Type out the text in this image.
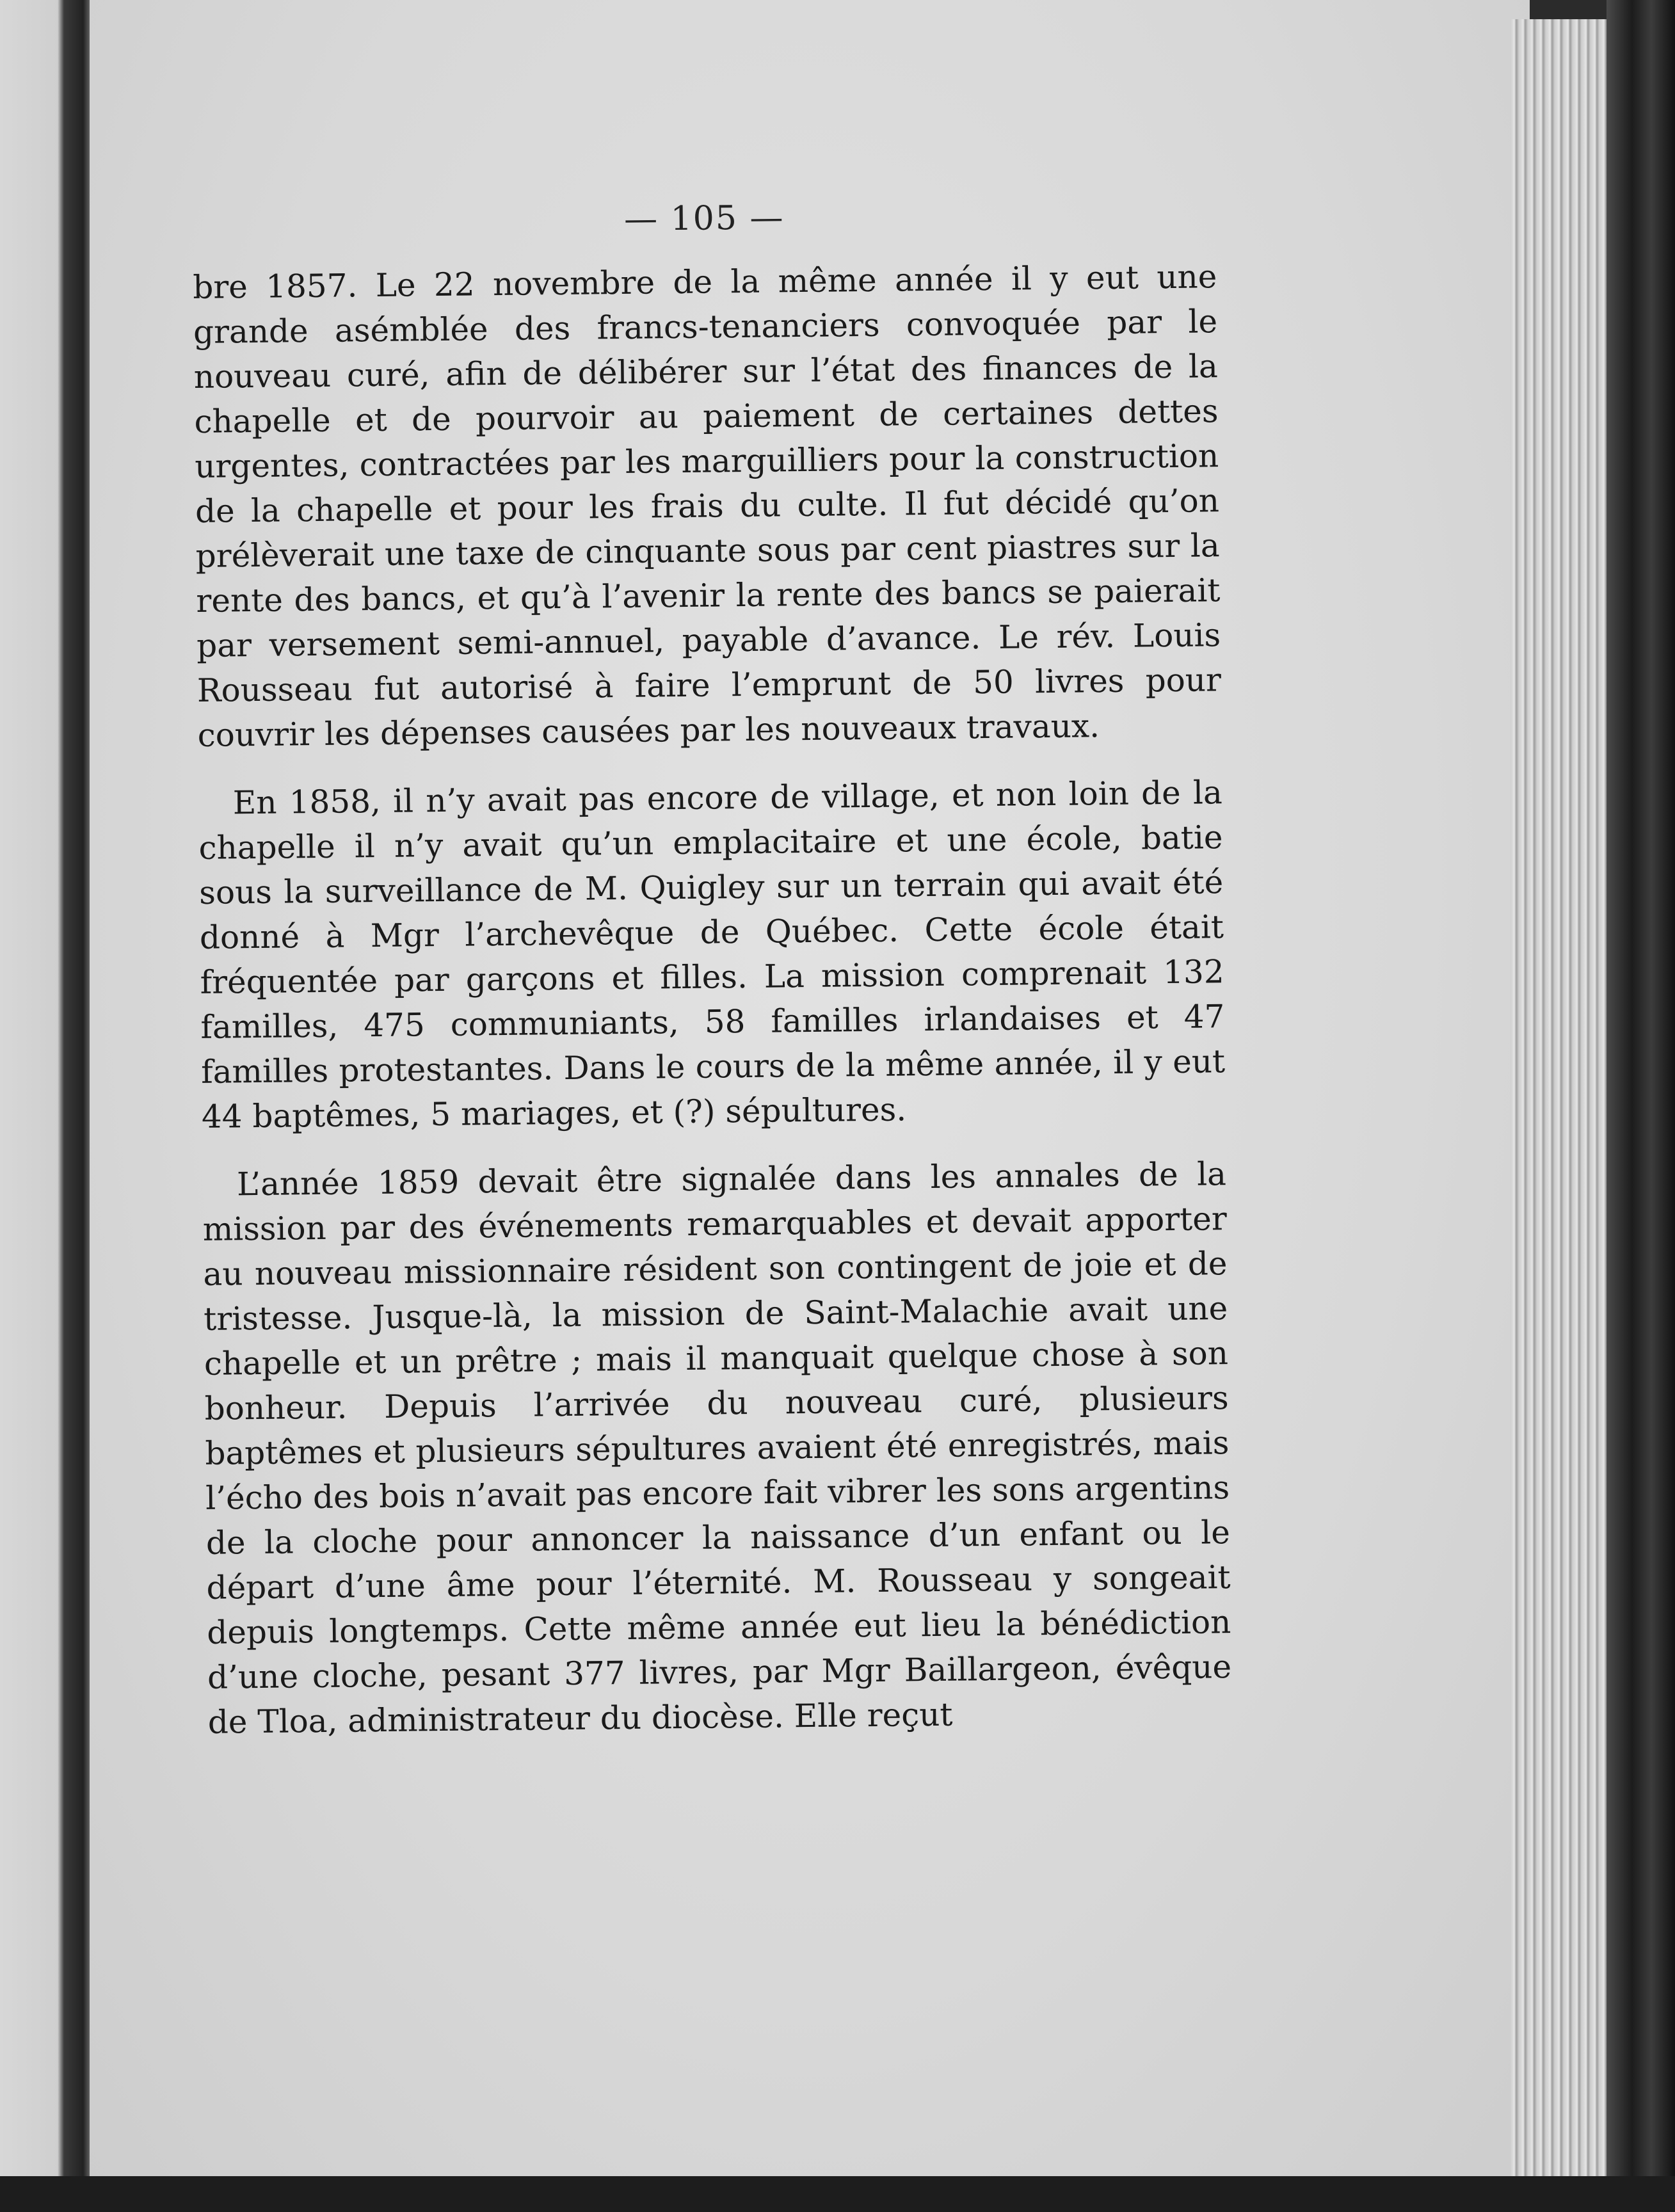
— 105 —

bre 1857. Le 22 novembre de la même année il y eut une grande asémblée des francs-tenanciers convoquée par le nouveau curé, afin de délibérer sur l’état des finances de la chapelle et de pourvoir au paiement de certaines dettes urgentes, contractées par les marguilliers pour la construction de la chapelle et pour les frais du culte. Il fut décidé qu’on prélèverait une taxe de cinquante sous par cent piastres sur la rente des bancs, et qu’à l’avenir la rente des bancs se paierait par versement semi-annuel, payable d’avance. Le rév. Louis Rousseau fut autorisé à faire l’emprunt de 50 livres pour couvrir les dépenses causées par les nouveaux travaux.

En 1858, il n’y avait pas encore de village, et non loin de la chapelle il n’y avait qu’un emplacitaire et une école, batie sous la surveillance de M. Quigley sur un terrain qui avait été donné à Mgr l’archevêque de Québec. Cette école était fréquentée par garçons et filles. La mission comprenait 132 familles, 475 communiants, 58 familles irlandaises et 47 familles protestantes. Dans le cours de la même année, il y eut 44 baptêmes, 5 mariages, et (?) sépultures.

L’année 1859 devait être signalée dans les annales de la mission par des événements remarquables et devait apporter au nouveau missionnaire résident son contingent de joie et de tristesse. Jusque-là, la mission de Saint-Malachie avait une chapelle et un prêtre ; mais il manquait quelque chose à son bonheur. Depuis l’arrivée du nouveau curé, plusieurs baptêmes et plusieurs sépultures avaient été enregistrés, mais l’écho des bois n’avait pas encore fait vibrer les sons argentins de la cloche pour annoncer la naissance d’un enfant ou le départ d’une âme pour l’éternité. M. Rousseau y songeait depuis longtemps. Cette même année eut lieu la bénédiction d’une cloche, pesant 377 livres, par Mgr Baillargeon, évêque de Tloa, administrateur du diocèse. Elle reçut
